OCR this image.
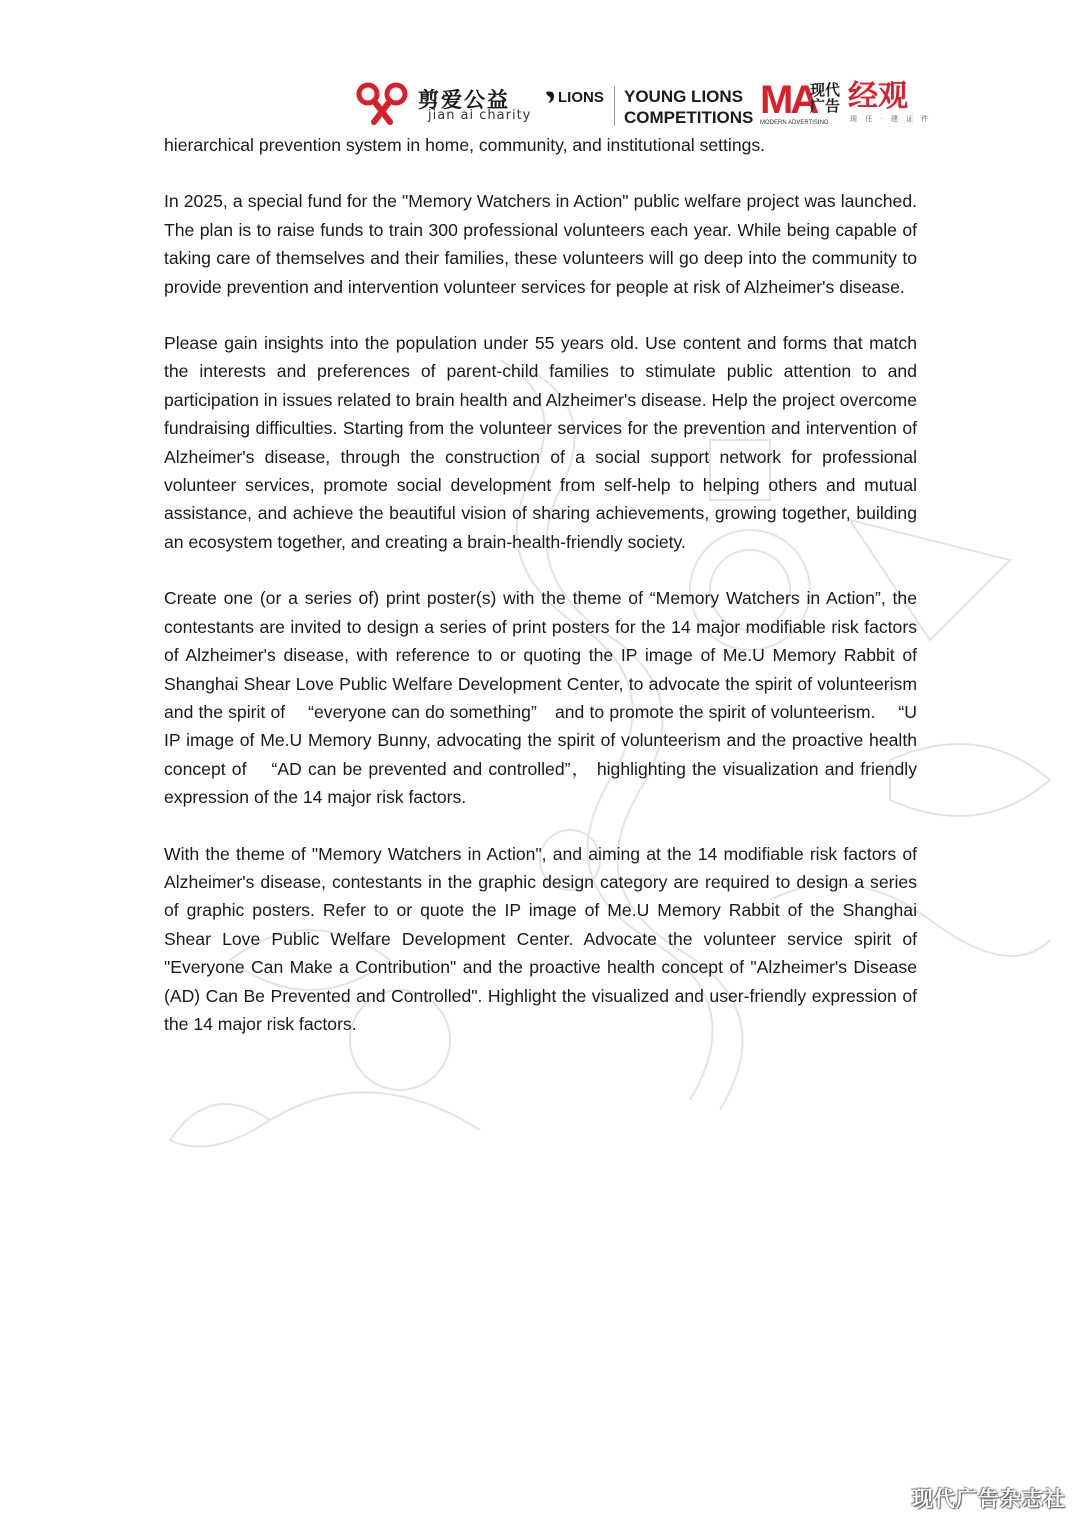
剪爱公益
jian ai charity
LIONS YOUNG LIONS
COMPETITIONS MA
现代广告
MODERN ADVERTISING
经观
现 任 · 建 证 件

hierarchical prevention system in home, community, and institutional settings.

In 2025, a special fund for the "Memory Watchers in Action" public welfare project was launched. The plan is to raise funds to train 300 professional volunteers each year. While being capable of taking care of themselves and their families, these volunteers will go deep into the community to provide prevention and intervention volunteer services for people at risk of Alzheimer's disease.

Please gain insights into the population under 55 years old. Use content and forms that match the interests and preferences of parent-child families to stimulate public attention to and participation in issues related to brain health and Alzheimer's disease. Help the project overcome fundraising difficulties. Starting from the volunteer services for the prevention and intervention of Alzheimer's disease, through the construction of a social support network for professional volunteer services, promote social development from self-help to helping others and mutual assistance, and achieve the beautiful vision of sharing achievements, growing together, building an ecosystem together, and creating a brain-health-friendly society.

Create one (or a series of) print poster(s) with the theme of “Memory Watchers in Action”, the contestants are invited to design a series of print posters for the 14 major modifiable risk factors of Alzheimer's disease, with reference to or quoting the IP image of Me.U Memory Rabbit of Shanghai Shear Love Public Welfare Development Center, to advocate the spirit of volunteerism and the spirit of 　“everyone can do something”　and to promote the spirit of volunteerism. 　“U IP image of Me.U Memory Bunny, advocating the spirit of volunteerism and the proactive health concept of 　“AD can be prevented and controlled”， highlighting the visualization and friendly expression of the 14 major risk factors.

With the theme of "Memory Watchers in Action", and aiming at the 14 modifiable risk factors of Alzheimer's disease, contestants in the graphic design category are required to design a series of graphic posters. Refer to or quote the IP image of Me.U Memory Rabbit of the Shanghai Shear Love Public Welfare Development Center. Advocate the volunteer service spirit of "Everyone Can Make a Contribution" and the proactive health concept of "Alzheimer's Disease (AD) Can Be Prevented and Controlled". Highlight the visualized and user-friendly expression of the 14 major risk factors.

现代广告杂志社
